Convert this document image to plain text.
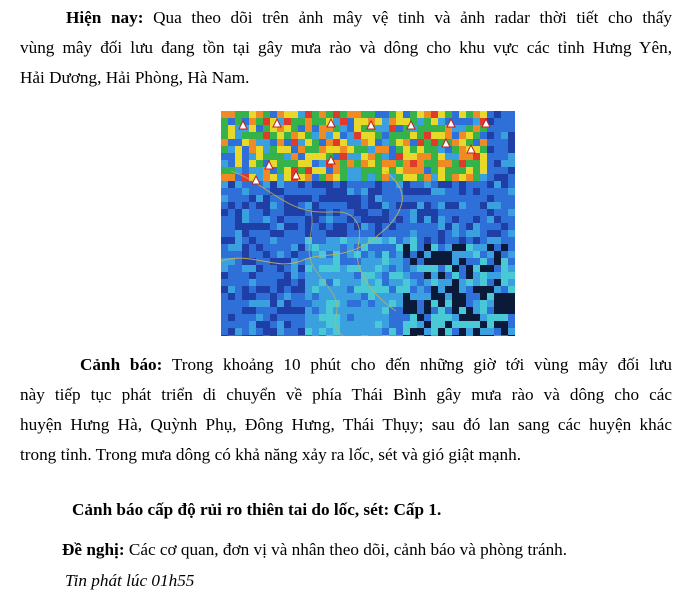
Hiện nay: Qua theo dõi trên ảnh mây vệ tinh và ảnh radar thời tiết cho thấy
vùng mây đối lưu đang tồn tại gây mưa rào và dông cho khu vực các tỉnh Hưng Yên,
Hải Dương, Hải Phòng, Hà Nam.
Cảnh báo: Trong khoảng 10 phút cho đến những giờ tới vùng mây đối lưu
này tiếp tục phát triển di chuyển về phía Thái Bình gây mưa rào và dông cho các
huyện Hưng Hà, Quỳnh Phụ, Đông Hưng, Thái Thụy; sau đó lan sang các huyện khác
trong tỉnh. Trong mưa dông có khả năng xảy ra lốc, sét và gió giật mạnh.

Cảnh báo cấp độ rủi ro thiên tai do lốc, sét: Cấp 1.

Đề nghị: Các cơ quan, đơn vị và nhân theo dõi, cảnh báo và phòng tránh.

Tin phát lúc 01h55
